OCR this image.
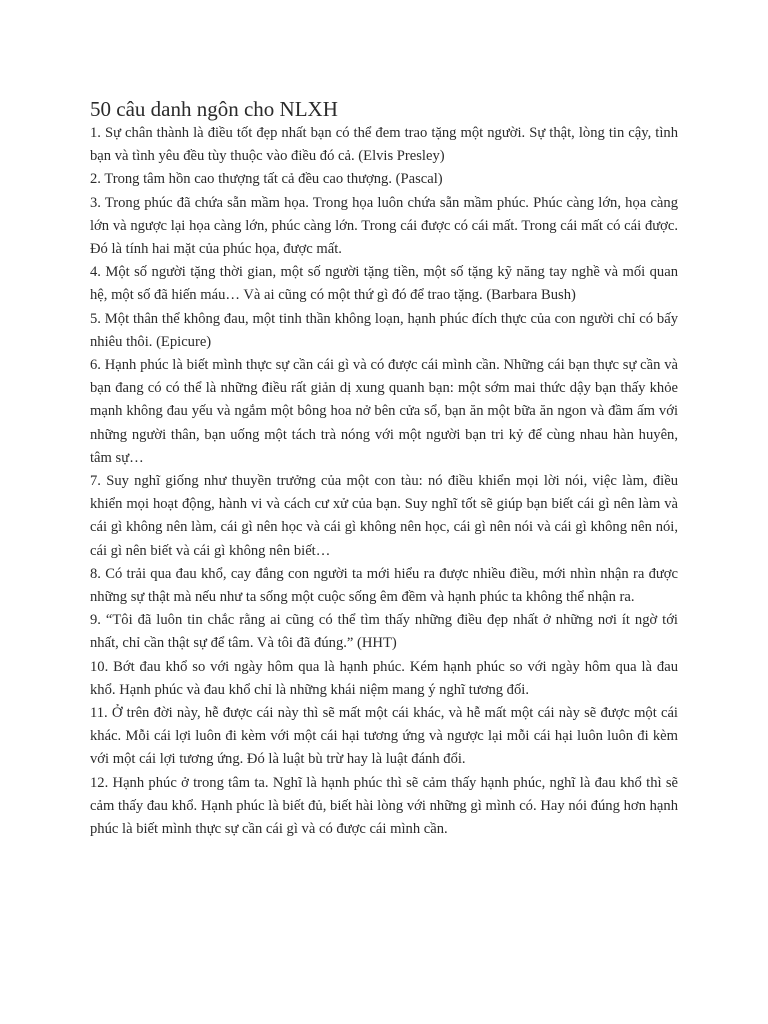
50 câu danh ngôn cho NLXH

1. Sự chân thành là điều tốt đẹp nhất bạn có thể đem trao tặng một người. Sự thật, lòng tin cậy, tình bạn và tình yêu đều tùy thuộc vào điều đó cả. (Elvis Presley)

2. Trong tâm hồn cao thượng tất cả đều cao thượng. (Pascal)

3. Trong phúc đã chứa sẵn mầm họa. Trong họa luôn chứa sẵn mầm phúc. Phúc càng lớn, họa càng lớn và ngược lại họa càng lớn, phúc càng lớn. Trong cái được có cái mất. Trong cái mất có cái được. Đó là tính hai mặt của phúc họa, được mất.

4. Một số người tặng thời gian, một số người tặng tiền, một số tặng kỹ năng tay nghề và mối quan hệ, một số đã hiến máu… Và ai cũng có một thứ gì đó để trao tặng. (Barbara Bush)

5. Một thân thể không đau, một tinh thần không loạn, hạnh phúc đích thực của con người chỉ có bấy nhiêu thôi. (Epicure)

6. Hạnh phúc là biết mình thực sự cần cái gì và có được cái mình cần. Những cái bạn thực sự cần và bạn đang có có thể là những điều rất giản dị xung quanh bạn: một sớm mai thức dậy bạn thấy khỏe mạnh không đau yếu và ngắm một bông hoa nở bên cửa sổ, bạn ăn một bữa ăn ngon và đầm ấm với những người thân, bạn uống một tách trà nóng với một người bạn tri kỷ để cùng nhau hàn huyên, tâm sự…

7. Suy nghĩ giống như thuyền trưởng của một con tàu: nó điều khiển mọi lời nói, việc làm, điều khiển mọi hoạt động, hành vi và cách cư xử của bạn. Suy nghĩ tốt sẽ giúp bạn biết cái gì nên làm và cái gì không nên làm, cái gì nên học và cái gì không nên học, cái gì nên nói và cái gì không nên nói, cái gì nên biết và cái gì không nên biết…

8. Có trải qua đau khổ, cay đắng con người ta mới hiểu ra được nhiều điều, mới nhìn nhận ra được những sự thật mà nếu như ta sống một cuộc sống êm đềm và hạnh phúc ta không thể nhận ra.

9. “Tôi đã luôn tin chắc rằng ai cũng có thể tìm thấy những điều đẹp nhất ở những nơi ít ngờ tới nhất, chỉ cần thật sự để tâm. Và tôi đã đúng.” (HHT)

10. Bớt đau khổ so với ngày hôm qua là hạnh phúc. Kém hạnh phúc so với ngày hôm qua là đau khổ. Hạnh phúc và đau khổ chỉ là những khái niệm mang ý nghĩ tương đối.

11. Ở trên đời này, hễ được cái này thì sẽ mất một cái khác, và hễ mất một cái này sẽ được một cái khác. Mỗi cái lợi luôn đi kèm với một cái hại tương ứng và ngược lại mỗi cái hại luôn luôn đi kèm với một cái lợi tương ứng. Đó là luật bù trừ hay là luật đánh đổi.

12. Hạnh phúc ở trong tâm ta. Nghĩ là hạnh phúc thì sẽ cảm thấy hạnh phúc, nghĩ là đau khổ thì sẽ cảm thấy đau khổ. Hạnh phúc là biết đủ, biết hài lòng với những gì mình có. Hay nói đúng hơn hạnh phúc là biết mình thực sự cần cái gì và có được cái mình cần.
